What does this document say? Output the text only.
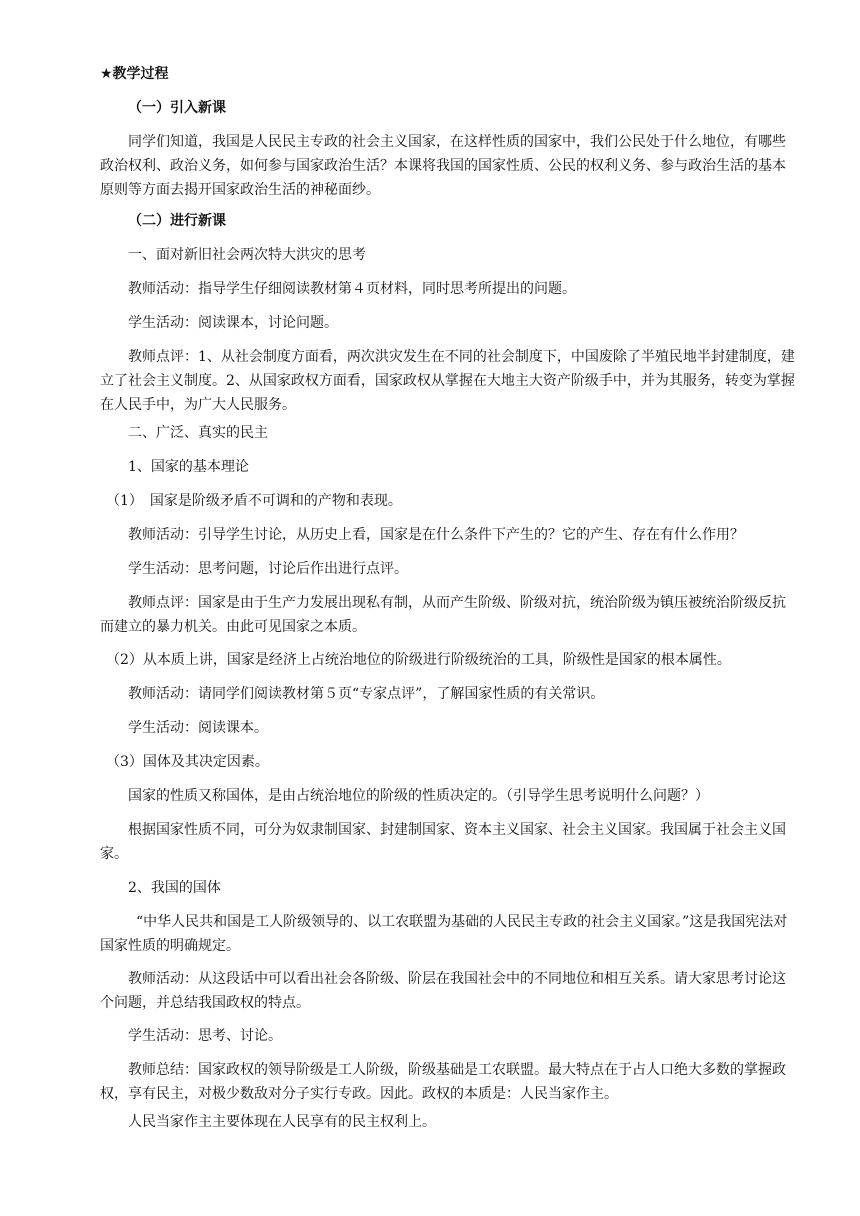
★教学过程
（一）引入新课
同学们知道，我国是人民民主专政的社会主义国家，在这样性质的国家中，我们公民处于什么地位，有哪些政治权利、政治义务，如何参与国家政治生活？本课将我国的国家性质、公民的权利义务、参与政治生活的基本原则等方面去揭开国家政治生活的神秘面纱。
（二）进行新课
一、面对新旧社会两次特大洪灾的思考
教师活动：指导学生仔细阅读教材第４页材料，同时思考所提出的问题。
学生活动：阅读课本，讨论问题。
教师点评：1、从社会制度方面看，两次洪灾发生在不同的社会制度下，中国废除了半殖民地半封建制度，建立了社会主义制度。2、从国家政权方面看，国家政权从掌握在大地主大资产阶级手中，并为其服务，转变为掌握在人民手中，为广大人民服务。
二、广泛、真实的民主
1、国家的基本理论
（1）　国家是阶级矛盾不可调和的产物和表现。
教师活动：引导学生讨论，从历史上看，国家是在什么条件下产生的？它的产生、存在有什么作用？
学生活动：思考问题，讨论后作出进行点评。
教师点评：国家是由于生产力发展出现私有制，从而产生阶级、阶级对抗，统治阶级为镇压被统治阶级反抗而建立的暴力机关。由此可见国家之本质。
（2）从本质上讲，国家是经济上占统治地位的阶级进行阶级统治的工具，阶级性是国家的根本属性。
教师活动：请同学们阅读教材第５页“专家点评”，了解国家性质的有关常识。
学生活动：阅读课本。
（3）国体及其决定因素。
国家的性质又称国体，是由占统治地位的阶级的性质决定的。（引导学生思考说明什么问题？）
根据国家性质不同，可分为奴隶制国家、封建制国家、资本主义国家、社会主义国家。我国属于社会主义国家。
2、我国的国体
“中华人民共和国是工人阶级领导的、以工农联盟为基础的人民民主专政的社会主义国家。”这是我国宪法对国家性质的明确规定。
教师活动：从这段话中可以看出社会各阶级、阶层在我国社会中的不同地位和相互关系。请大家思考讨论这个问题，并总结我国政权的特点。
学生活动：思考、讨论。
教师总结：国家政权的领导阶级是工人阶级，阶级基础是工农联盟。最大特点在于占人口绝大多数的掌握政权，享有民主，对极少数敌对分子实行专政。因此。政权的本质是：人民当家作主。
人民当家作主主要体现在人民享有的民主权利上。
